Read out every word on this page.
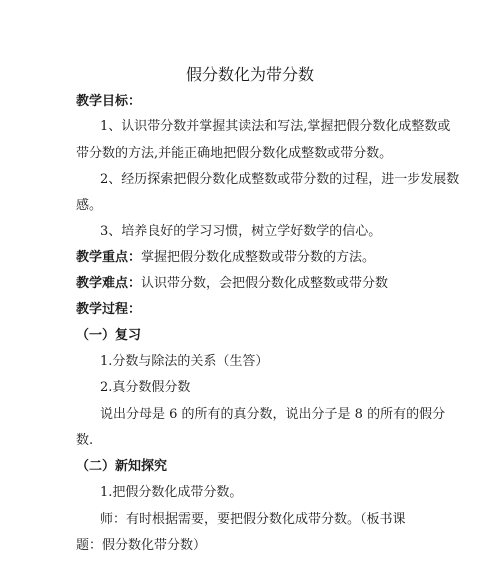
假分数化为带分数
教学目标：
1、认识带分数并掌握其读法和写法,掌握把假分数化成整数或
带分数的方法,并能正确地把假分数化成整数或带分数。
2、经历探索把假分数化成整数或带分数的过程，进一步发展数
感。
3、培养良好的学习习惯，树立学好数学的信心。
教学重点：掌握把假分数化成整数或带分数的方法。
教学难点：认识带分数，会把假分数化成整数或带分数
教学过程：
（一）复习
1.分数与除法的关系（生答）
2.真分数假分数
说出分母是 6 的所有的真分数，说出分子是 8 的所有的假分
数.
（二）新知探究
1.把假分数化成带分数。
师：有时根据需要，要把假分数化成带分数。（板书课
题：假分数化带分数）
